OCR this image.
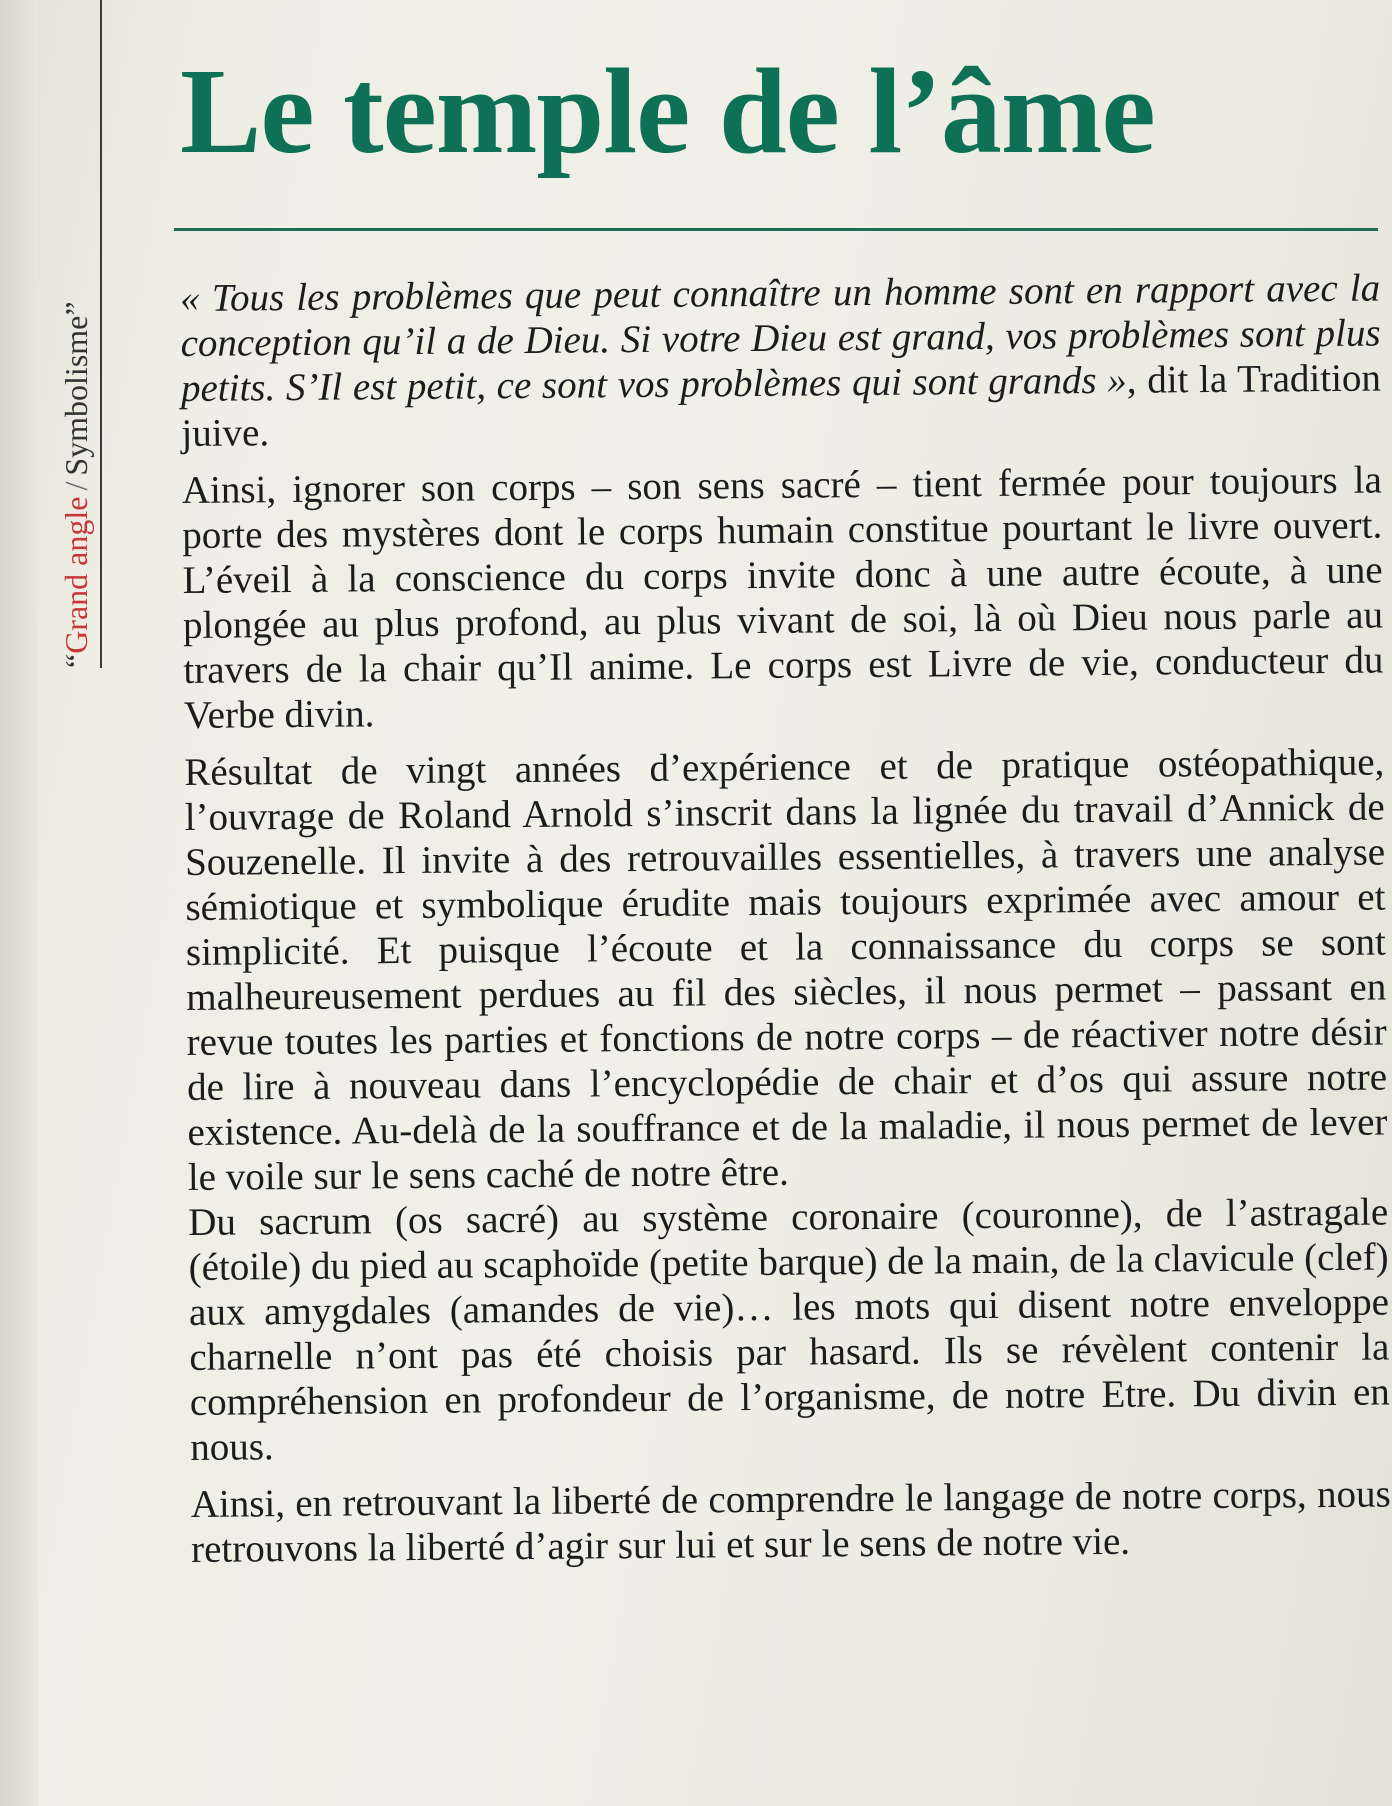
“Grand angle/Symbolisme”
Le temple de l’âme

« Tous les problèmes que peut connaître un homme sont en rapport avec la conception qu’il a de Dieu. Si votre Dieu est grand, vos problèmes sont plus petits. S’Il est petit, ce sont vos problèmes qui sont grands », dit la Tradition juive.

Ainsi, ignorer son corps – son sens sacré – tient fermée pour toujours la porte des mystères dont le corps humain constitue pourtant le livre ouvert. L’éveil à la conscience du corps invite donc à une autre écoute, à une plongée au plus profond, au plus vivant de soi, là où Dieu nous parle au travers de la chair qu’Il anime. Le corps est Livre de vie, conducteur du Verbe divin.

Résultat de vingt années d’expérience et de pratique ostéopathique, l’ouvrage de Roland Arnold s’inscrit dans la lignée du travail d’Annick de Souzenelle. Il invite à des retrouvailles essentielles, à travers une analyse sémiotique et symbolique érudite mais toujours exprimée avec amour et simplicité. Et puisque l’écoute et la connaissance du corps se sont malheureusement perdues au fil des siècles, il nous permet – passant en revue toutes les parties et fonctions de notre corps – de réactiver notre désir de lire à nouveau dans l’encyclopédie de chair et d’os qui assure notre existence. Au-delà de la souffrance et de la maladie, il nous permet de lever le voile sur le sens caché de notre être.

Du sacrum (os sacré) au système coronaire (couronne), de l’astragale (étoile) du pied au scaphoïde (petite barque) de la main, de la clavicule (clef) aux amygdales (amandes de vie)… les mots qui disent notre enveloppe charnelle n’ont pas été choisis par hasard. Ils se révèlent contenir la compréhension en profondeur de l’organisme, de notre Etre. Du divin en nous.

Ainsi, en retrouvant la liberté de comprendre le langage de notre corps, nous retrouvons la liberté d’agir sur lui et sur le sens de notre vie.
